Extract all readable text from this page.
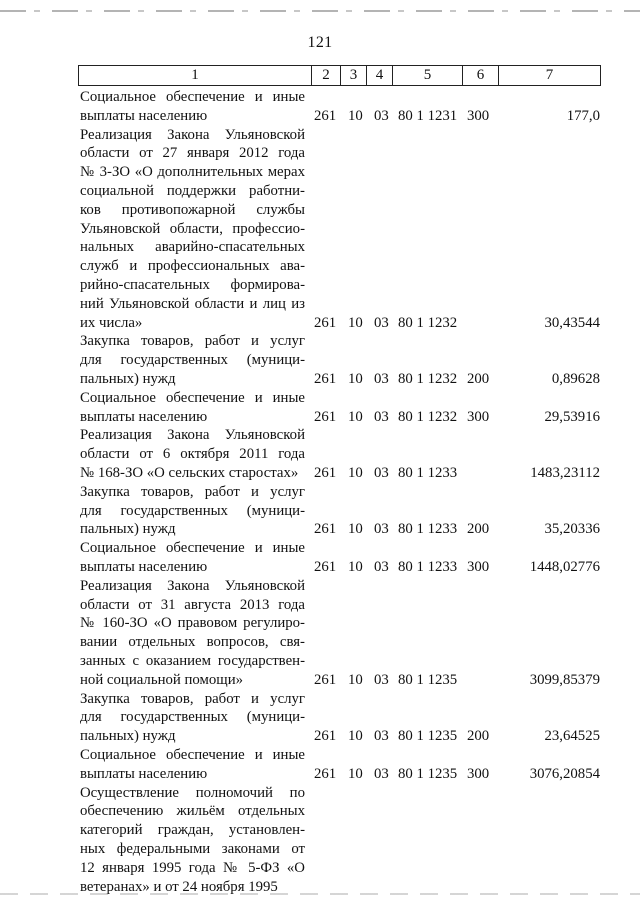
121
1	2	3	4	5	6	7
Социальное обеспечение и иные
выплаты населению	261 10 03 80 1 1231 300	177,0
Реализация Закона Ульяновской
области от 27 января 2012 года
№ 3-ЗО «О дополнительных мерах
социальной поддержки работни-
ков противопожарной службы
Ульяновской области, профессио-
нальных аварийно-спасательных
служб и профессиональных ава-
рийно-спасательных формирова-
ний Ульяновской области и лиц из
их числа»	261 10 03 80 1 1232	30,43544
Закупка товаров, работ и услуг
для государственных (муници-
пальных) нужд	261 10 03 80 1 1232 200	0,89628
Социальное обеспечение и иные
выплаты населению	261 10 03 80 1 1232 300	29,53916
Реализация Закона Ульяновской
области от 6 октября 2011 года
№ 168-ЗО «О сельских старостах»	261 10 03 80 1 1233	1483,23112
Закупка товаров, работ и услуг
для государственных (муници-
пальных) нужд	261 10 03 80 1 1233 200	35,20336
Социальное обеспечение и иные
выплаты населению	261 10 03 80 1 1233 300	1448,02776
Реализация Закона Ульяновской
области от 31 августа 2013 года
№ 160-ЗО «О правовом регулиро-
вании отдельных вопросов, свя-
занных с оказанием государствен-
ной социальной помощи»	261 10 03 80 1 1235	3099,85379
Закупка товаров, работ и услуг
для государственных (муници-
пальных) нужд	261 10 03 80 1 1235 200	23,64525
Социальное обеспечение и иные
выплаты населению	261 10 03 80 1 1235 300	3076,20854
Осуществление полномочий по
обеспечению жильём отдельных
категорий граждан, установлен-
ных федеральными законами от
12 января 1995 года № 5-ФЗ «О
ветеранах» и от 24 ноября 1995
